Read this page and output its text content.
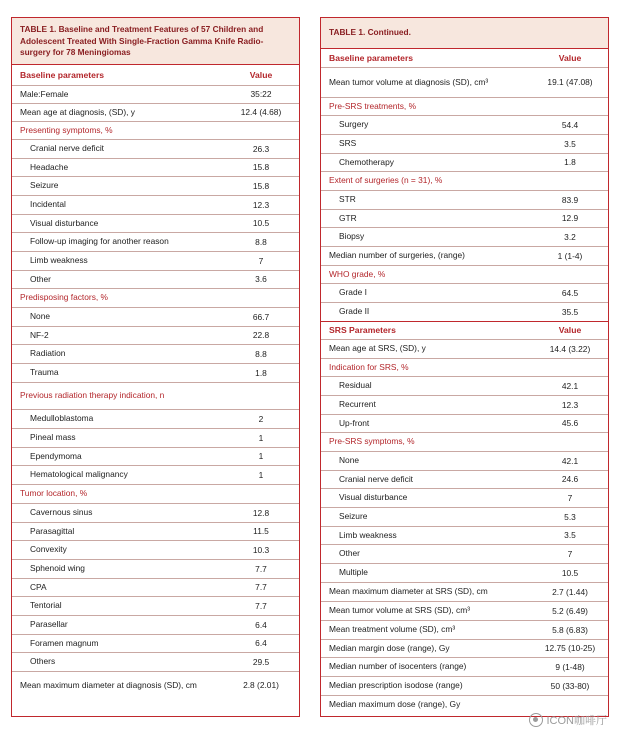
TABLE 1. Baseline and Treatment Features of 57 Children and Adolescent Treated With Single-Fraction Gamma Knife Radio-surgery for 78 Meningiomas
Baseline parameters	Value
Male:Female	35:22
Mean age at diagnosis, (SD), y	12.4 (4.68)
Presenting symptoms, %
Cranial nerve deficit	26.3
Headache	15.8
Seizure	15.8
Incidental	12.3
Visual disturbance	10.5
Follow-up imaging for another reason	8.8
Limb weakness	7
Other	3.6
Predisposing factors, %
None	66.7
NF-2	22.8
Radiation	8.8
Trauma	1.8
Previous radiation therapy indication, n
Medulloblastoma	2
Pineal mass	1
Ependymoma	1
Hematological malignancy	1
Tumor location, %
Cavernous sinus	12.8
Parasagittal	11.5
Convexity	10.3
Sphenoid wing	7.7
CPA	7.7
Tentorial	7.7
Parasellar	6.4
Foramen magnum	6.4
Others	29.5
Mean maximum diameter at diagnosis (SD), cm	2.8 (2.01)
TABLE 1. Continued.
Baseline parameters	Value
Mean tumor volume at diagnosis (SD), cm³	19.1 (47.08)
Pre-SRS treatments, %
Surgery	54.4
SRS	3.5
Chemotherapy	1.8
Extent of surgeries (n = 31), %
STR	83.9
GTR	12.9
Biopsy	3.2
Median number of surgeries, (range)	1 (1-4)
WHO grade, %
Grade I	64.5
Grade II	35.5
SRS Parameters	Value
Mean age at SRS, (SD), y	14.4 (3.22)
Indication for SRS, %
Residual	42.1
Recurrent	12.3
Up-front	45.6
Pre-SRS symptoms, %
None	42.1
Cranial nerve deficit	24.6
Visual disturbance	7
Seizure	5.3
Limb weakness	3.5
Other	7
Multiple	10.5
Mean maximum diameter at SRS (SD), cm	2.7 (1.44)
Mean tumor volume at SRS (SD), cm³	5.2 (6.49)
Mean treatment volume (SD), cm³	5.8 (6.83)
Median margin dose (range), Gy	12.75 (10-25)
Median number of isocenters (range)	9 (1-48)
Median prescription isodose (range)	50 (33-80)
Median maximum dose (range), Gy
ICON咖啡厅
